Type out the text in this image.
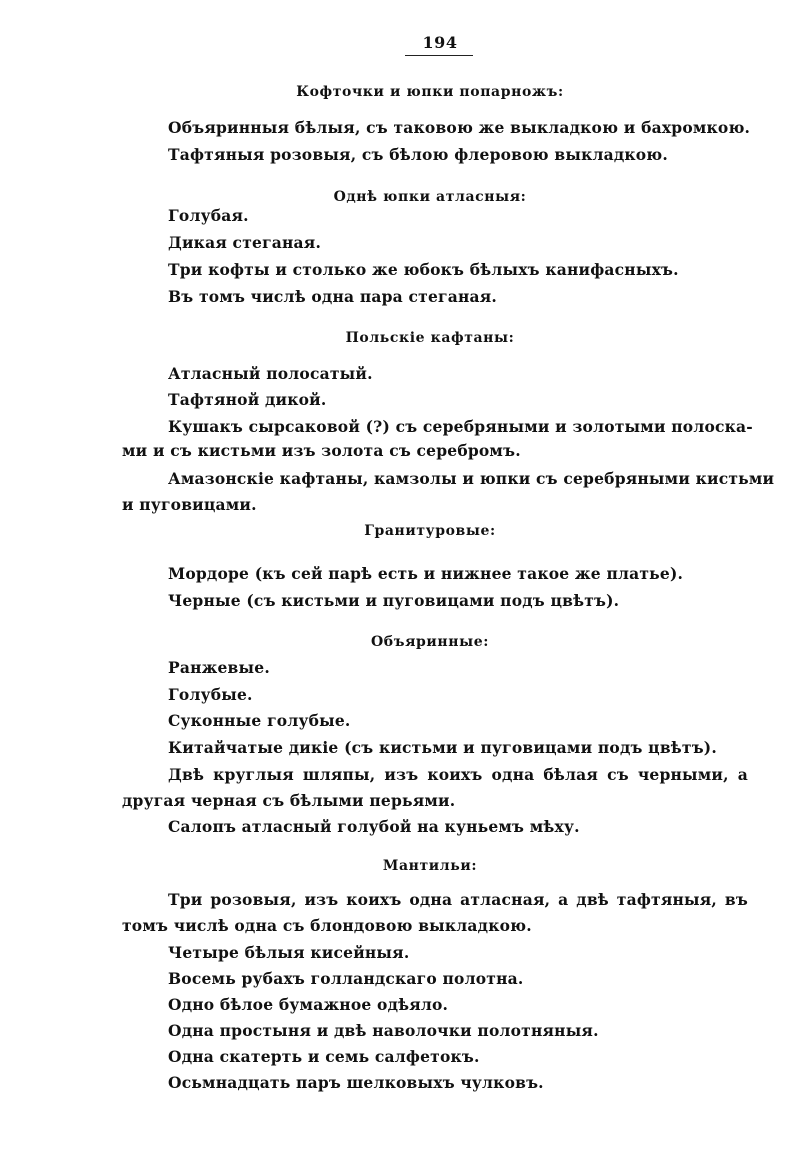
194
Кофточки и юпки попарножъ:
Объяринныя бѣлыя, съ таковою же выкладкою и бахромкою.
Тафтяныя розовыя, съ бѣлою флеровою выкладкою.
Однѣ юпки атласныя:
Голубая.
Дикая стеганая.
Три кофты и столько же юбокъ бѣлыхъ канифасныхъ.
Въ томъ числѣ одна пара стеганая.
Польскіе кафтаны:
Атласный полосатый.
Тафтяной дикой.
Кушакъ сырсаковой (?) съ серебряными и золотыми полоска-
ми и съ кистьми изъ золота съ серебромъ.
Амазонскіе кафтаны, камзолы и юпки съ серебряными кистьми
и пуговицами.
Гранитуровые:
Мордоре (къ сей парѣ есть и нижнее такое же платье).
Черные (съ кистьми и пуговицами подъ цвѣтъ).
Объяринные:
Ранжевые.
Голубые.
Суконные голубые.
Китайчатые дикіе (съ кистьми и пуговицами подъ цвѣтъ).
Двѣ круглыя шляпы, изъ коихъ одна бѣлая съ черными, а
другая черная съ бѣлыми перьями.
Салопъ атласный голубой на куньемъ мѣху.
Мантильи:
Три розовыя, изъ коихъ одна атласная, а двѣ тафтяныя, въ
томъ числѣ одна съ блондовою выкладкою.
Четыре бѣлыя кисейныя.
Восемь рубахъ голландскаго полотна.
Одно бѣлое бумажное одѣяло.
Одна простыня и двѣ наволочки полотняныя.
Одна скатерть и семь салфетокъ.
Осьмнадцать паръ шелковыхъ чулковъ.
